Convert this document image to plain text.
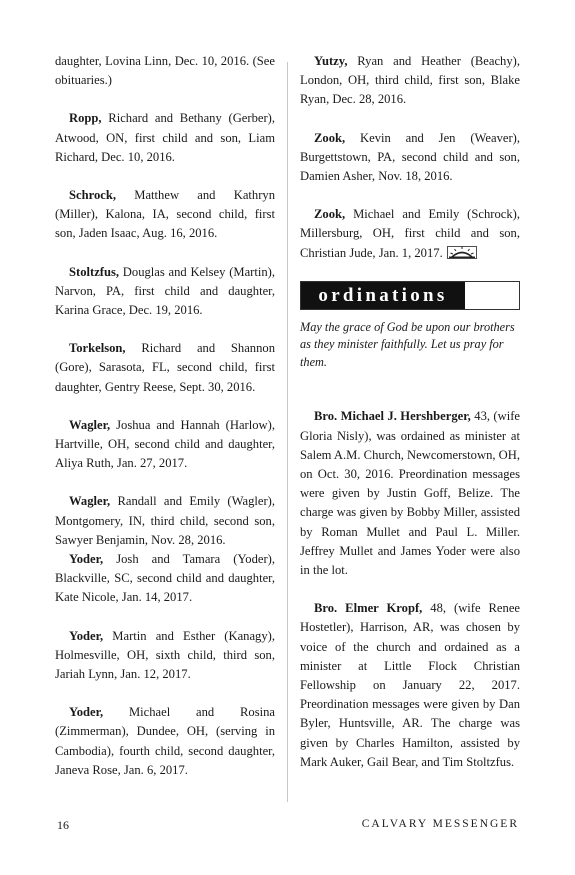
daughter, Lovina Linn, Dec. 10, 2016. (See obituaries.)

Ropp, Richard and Bethany (Gerber), Atwood, ON, first child and son, Liam Richard, Dec. 10, 2016.

Schrock, Matthew and Kathryn (Miller), Kalona, IA, second child, first son, Jaden Isaac, Aug. 16, 2016.

Stoltzfus, Douglas and Kelsey (Martin), Narvon, PA, first child and daughter, Karina Grace, Dec. 19, 2016.

Torkelson, Richard and Shannon (Gore), Sarasota, FL, second child, first daughter, Gentry Reese, Sept. 30, 2016.

Wagler, Joshua and Hannah (Harlow), Hartville, OH, second child and daughter, Aliya Ruth, Jan. 27, 2017.

Wagler, Randall and Emily (Wagler), Montgomery, IN, third child, second son, Sawyer Benjamin, Nov. 28, 2016.

Yoder, Josh and Tamara (Yoder), Blackville, SC, second child and daughter, Kate Nicole, Jan. 14, 2017.

Yoder, Martin and Esther (Kanagy), Holmesville, OH, sixth child, third son, Jariah Lynn, Jan. 12, 2017.

Yoder, Michael and Rosina (Zimmerman), Dundee, OH, (serving in Cambodia), fourth child, second daughter, Janeva Rose, Jan. 6, 2017.

Yutzy, Ryan and Heather (Beachy), London, OH, third child, first son, Blake Ryan, Dec. 28, 2016.

Zook, Kevin and Jen (Weaver), Burgettstown, PA, second child and son, Damien Asher, Nov. 18, 2016.

Zook, Michael and Emily (Schrock), Millersburg, OH, first child and son, Christian Jude, Jan. 1, 2017.

ordinations

May the grace of God be upon our brothers as they minister faithfully. Let us pray for them.

Bro. Michael J. Hershberger, 43, (wife Gloria Nisly), was ordained as minister at Salem A.M. Church, Newcomerstown, OH, on Oct. 30, 2016. Preordination messages were given by Justin Goff, Belize. The charge was given by Bobby Miller, assisted by Roman Mullet and Paul L. Miller. Jeffrey Mullet and James Yoder were also in the lot.

Bro. Elmer Kropf, 48, (wife Renee Hostetler), Harrison, AR, was chosen by voice of the church and ordained as a minister at Little Flock Christian Fellowship on January 22, 2017. Preordination messages were given by Dan Byler, Huntsville, AR. The charge was given by Charles Hamilton, assisted by Mark Auker, Gail Bear, and Tim Stoltzfus.

16	CALVARY MESSENGER
